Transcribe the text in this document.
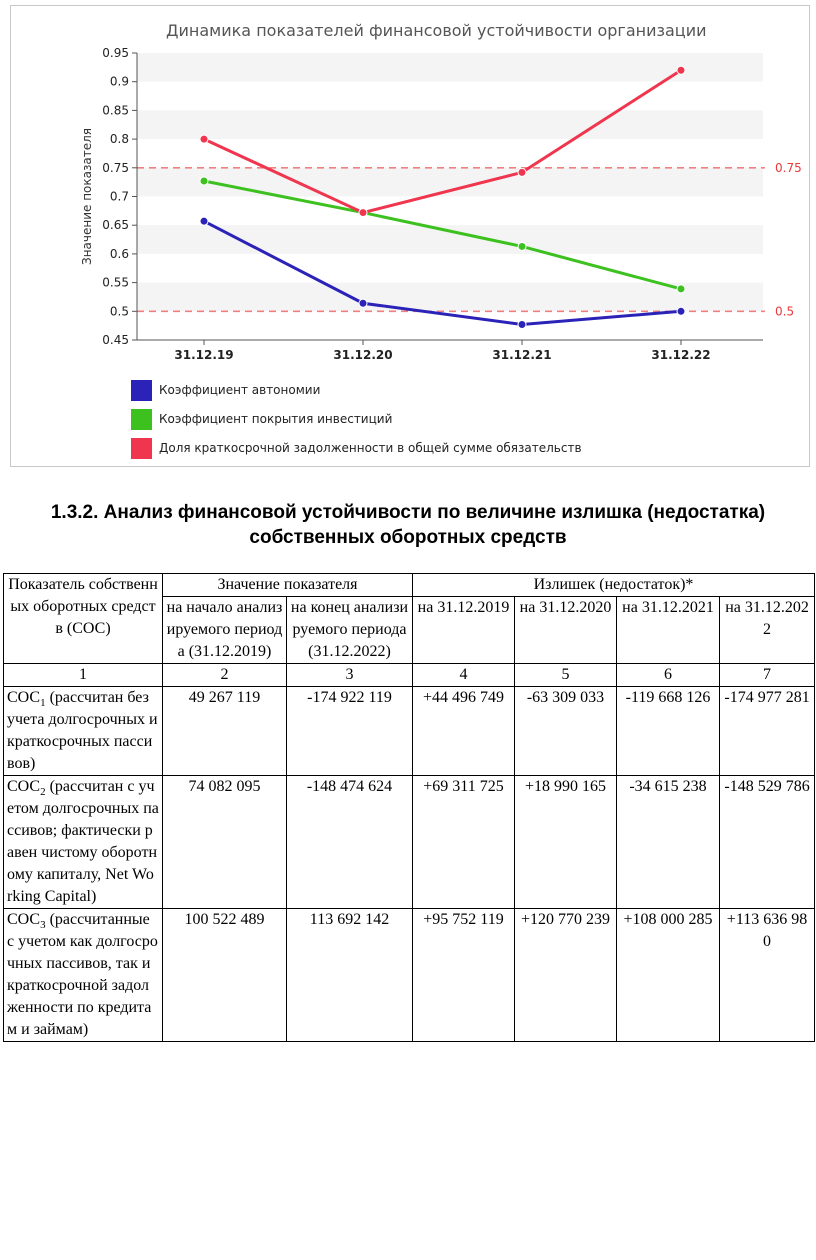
Динамика показателей финансовой устойчивости организации
0.75
0.5
0.95
0.9
0.85
0.8
0.75
0.7
0.65
0.6
0.55
0.5
0.45
31.12.19	31.12.20	31.12.21	31.12.22
Значение показателя
Коэффициент автономии
Коэффициент покрытия инвестиций
Доля краткосрочной задолженности в общей сумме обязательств
1.3.2. Анализ финансовой устойчивости по величине излишка (недостатка)
собственных оборотных средств
Показатель собственных оборотных средств (СОС)	Значение показателя		Излишек (недостаток)*			
	на начало анализируемого периода (31.12.2019)	на конец анализируемого периода (31.12.2022)	на 31.12.2019	на 31.12.2020	на 31.12.2021	на 31.12.2022
1	2	3	4	5	6	7
$СОС_1$ (рассчитан без учета долгосрочных и краткосрочных пассивов)	49 267 119	-174 922 119	+44 496 749	-63 309 033	-119 668 126	-174 977 281
$СОС_2$ (рассчитан с учетом долгосрочных пассивов; фактически равен чистому оборотному капиталу, Net Working Capital)	74 082 095	-148 474 624	+69 311 725	+18 990 165	-34 615 238	-148 529 786
$СОС_3$ (рассчитанные с учетом как долгосрочных пассивов, так и краткосрочной задолженности по кредитам и займам)	100 522 489	113 692 142	+95 752 119	+120 770 239	+108 000 285	+113 636 980
